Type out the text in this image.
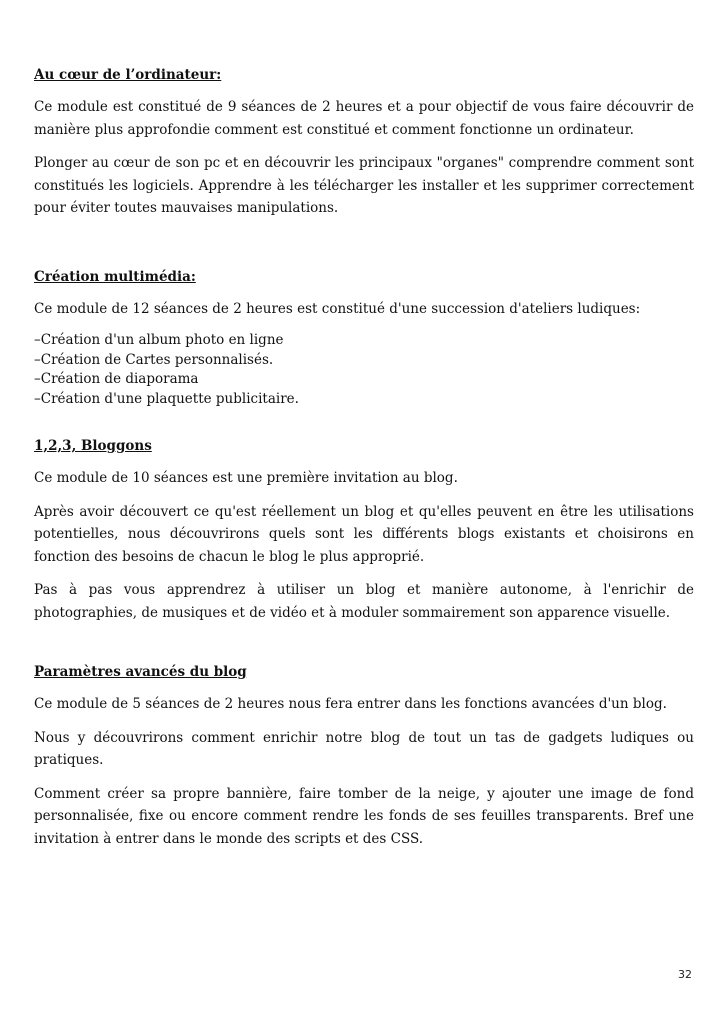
Au cœur de l’ordinateur:

Ce module est constitué de 9 séances de 2 heures et a pour objectif de vous faire découvrir de manière plus approfondie comment est constitué et comment fonctionne un ordinateur.

Plonger au cœur de son pc et en découvrir les principaux "organes" comprendre comment sont constitués les logiciels. Apprendre à les télécharger les installer et les supprimer correctement pour éviter toutes mauvaises manipulations.

Création multimédia:

Ce module de 12 séances de 2 heures est constitué d'une succession d'ateliers ludiques:

–Création d'un album photo en ligne
–Création de Cartes personnalisés.
–Création de diaporama
–Création d'une plaquette publicitaire.

1,2,3, Bloggons

Ce module de 10 séances est une première invitation au blog.

Après avoir découvert ce qu'est réellement un blog et qu'elles peuvent en être les utilisations potentielles, nous découvrirons quels sont les différents blogs existants et choisirons en fonction des besoins de chacun le blog le plus approprié.

Pas à pas vous apprendrez à utiliser un blog et manière autonome, à l'enrichir de photographies, de musiques et de vidéo et à moduler sommairement son apparence visuelle.

Paramètres avancés du blog

Ce module de 5 séances de 2 heures nous fera entrer dans les fonctions avancées d'un blog.

Nous y découvrirons comment enrichir notre blog de tout un tas de gadgets ludiques ou pratiques.

Comment créer sa propre bannière, faire tomber de la neige, y ajouter une image de fond personnalisée, fixe ou encore comment rendre les fonds de ses feuilles transparents. Bref une invitation à entrer dans le monde des scripts et des CSS.

32
